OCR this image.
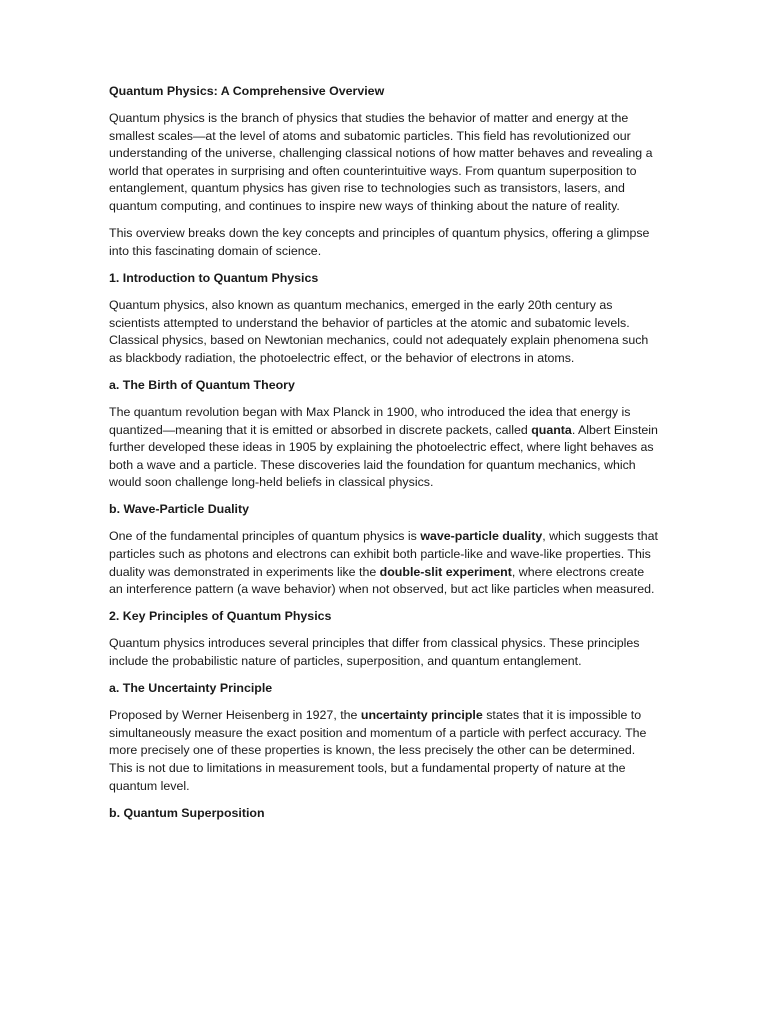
Quantum Physics: A Comprehensive Overview

Quantum physics is the branch of physics that studies the behavior of matter and energy at the smallest scales—at the level of atoms and subatomic particles. This field has revolutionized our understanding of the universe, challenging classical notions of how matter behaves and revealing a world that operates in surprising and often counterintuitive ways. From quantum superposition to entanglement, quantum physics has given rise to technologies such as transistors, lasers, and quantum computing, and continues to inspire new ways of thinking about the nature of reality.

This overview breaks down the key concepts and principles of quantum physics, offering a glimpse into this fascinating domain of science.

1. Introduction to Quantum Physics

Quantum physics, also known as quantum mechanics, emerged in the early 20th century as scientists attempted to understand the behavior of particles at the atomic and subatomic levels. Classical physics, based on Newtonian mechanics, could not adequately explain phenomena such as blackbody radiation, the photoelectric effect, or the behavior of electrons in atoms.

a. The Birth of Quantum Theory

The quantum revolution began with Max Planck in 1900, who introduced the idea that energy is quantized—meaning that it is emitted or absorbed in discrete packets, called quanta. Albert Einstein further developed these ideas in 1905 by explaining the photoelectric effect, where light behaves as both a wave and a particle. These discoveries laid the foundation for quantum mechanics, which would soon challenge long-held beliefs in classical physics.

b. Wave-Particle Duality

One of the fundamental principles of quantum physics is wave-particle duality, which suggests that particles such as photons and electrons can exhibit both particle-like and wave-like properties. This duality was demonstrated in experiments like the double-slit experiment, where electrons create an interference pattern (a wave behavior) when not observed, but act like particles when measured.

2. Key Principles of Quantum Physics

Quantum physics introduces several principles that differ from classical physics. These principles include the probabilistic nature of particles, superposition, and quantum entanglement.

a. The Uncertainty Principle

Proposed by Werner Heisenberg in 1927, the uncertainty principle states that it is impossible to simultaneously measure the exact position and momentum of a particle with perfect accuracy. The more precisely one of these properties is known, the less precisely the other can be determined. This is not due to limitations in measurement tools, but a fundamental property of nature at the quantum level.

b. Quantum Superposition
